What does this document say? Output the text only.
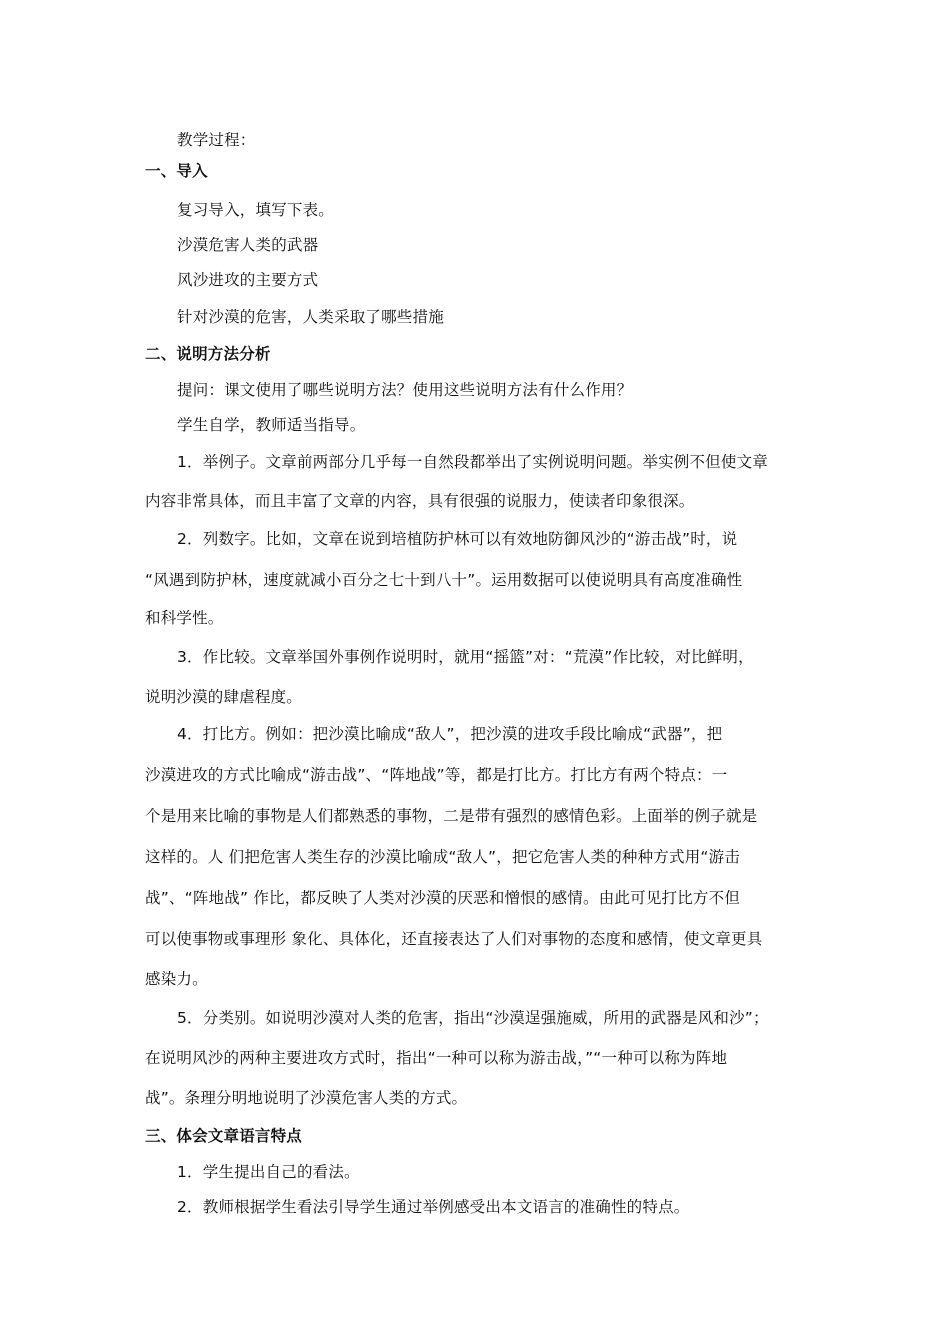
教学过程：
一、导入
复习导入，填写下表。
沙漠危害人类的武器
风沙进攻的主要方式
针对沙漠的危害，人类采取了哪些措施
二、说明方法分析
提问：课文使用了哪些说明方法？使用这些说明方法有什么作用？
学生自学，教师适当指导。
1．举例子。文章前两部分几乎每一自然段都举出了实例说明问题。举实例不但使文章
内容非常具体，而且丰富了文章的内容，具有很强的说服力，使读者印象很深。
2．列数字。比如，文章在说到培植防护林可以有效地防御风沙的“游击战”时，说
“风遇到防护林，速度就减小百分之七十到八十”。运用数据可以使说明具有高度准确性
和科学性。
3．作比较。文章举国外事例作说明时，就用“摇篮”对：“荒漠”作比较，对比鲜明，
说明沙漠的肆虐程度。
4．打比方。例如：把沙漠比喻成“敌人”，把沙漠的进攻手段比喻成“武器”，把
沙漠进攻的方式比喻成“游击战”、“阵地战”等，都是打比方。打比方有两个特点：一
个是用来比喻的事物是人们都熟悉的事物，二是带有强烈的感情色彩。上面举的例子就是
这样的。人 们把危害人类生存的沙漠比喻成“敌人”，把它危害人类的种种方式用“游击
战”、“阵地战” 作比，都反映了人类对沙漠的厌恶和憎恨的感情。由此可见打比方不但
可以使事物或事理形 象化、具体化，还直接表达了人们对事物的态度和感情，使文章更具
感染力。
5．分类别。如说明沙漠对人类的危害，指出“沙漠逞强施威，所用的武器是风和沙”；
在说明风沙的两种主要进攻方式时，指出“一种可以称为游击战，”“一种可以称为阵地
战”。条理分明地说明了沙漠危害人类的方式。
三、体会文章语言特点
1．学生提出自己的看法。
2．教师根据学生看法引导学生通过举例感受出本文语言的准确性的特点。
